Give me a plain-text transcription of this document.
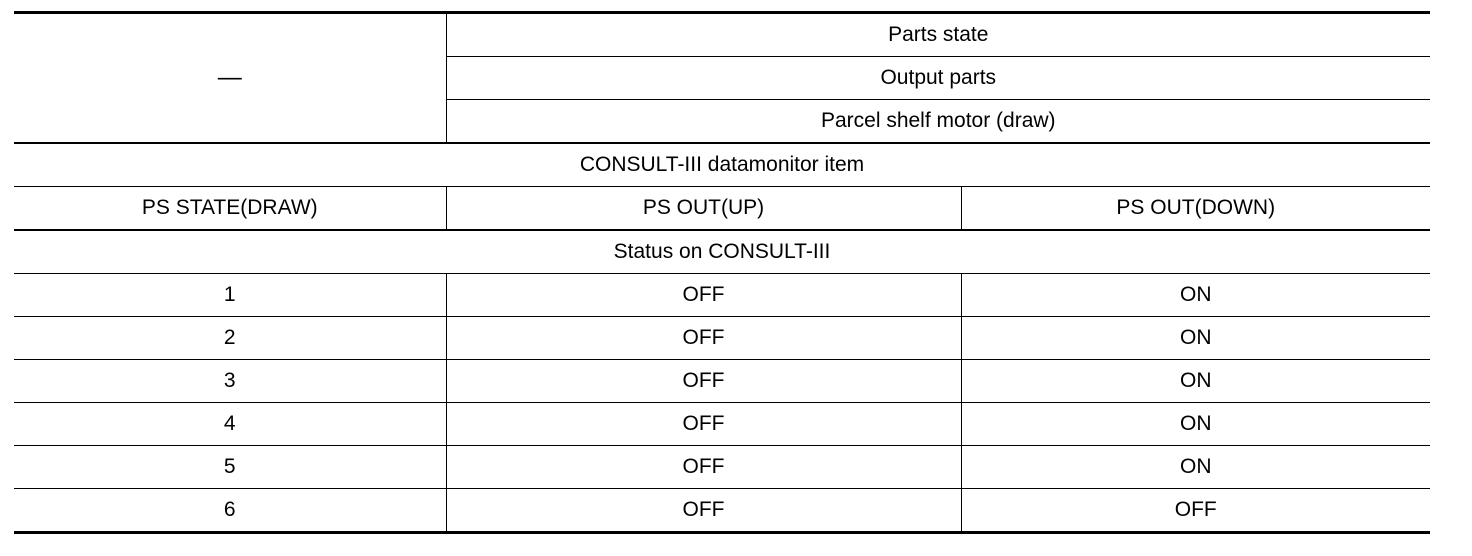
—	Parts state	
	Output parts	
	Parcel shelf motor (draw)	
CONSULT-III datamonitor item		
PS STATE(DRAW)	PS OUT(UP)	PS OUT(DOWN)
Status on CONSULT-III		
1	OFF	ON
2	OFF	ON
3	OFF	ON
4	OFF	ON
5	OFF	ON
6	OFF	OFF
